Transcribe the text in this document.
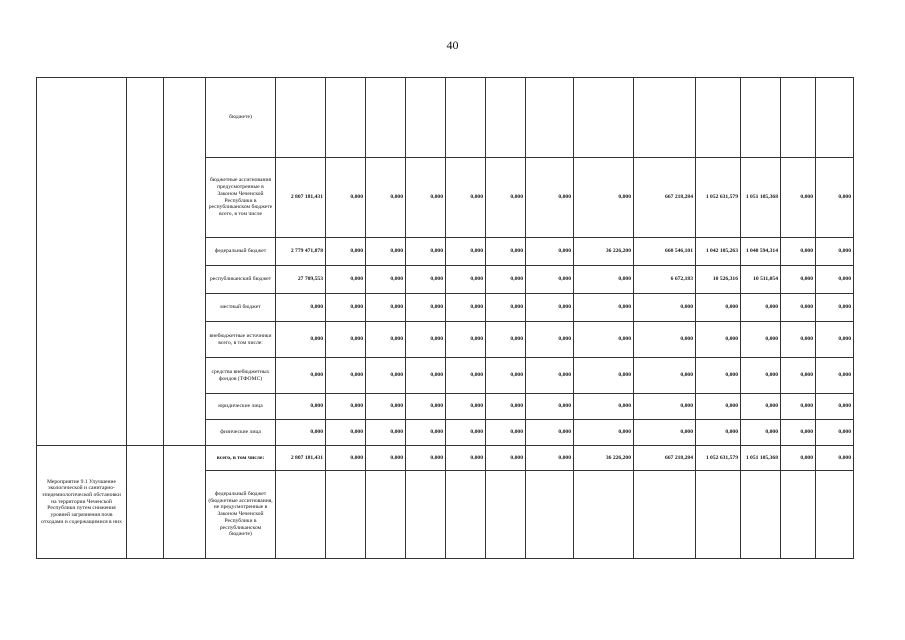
40
			бюджете)													
			бюджетные ассигнования предусмотренные в Законом Чеченской Республики в республиканском бюджете всего, в том числе	2 807 181,431	0,000	0,000	0,000	0,000	0,000	0,000	0,000	667 218,284	1 052 631,579	1 051 105,368	0,000	0,000
			федеральный бюджет	2 779 471,878	0,000	0,000	0,000	0,000	0,000	0,000	36 226,200	660 546,101	1 042 105,263	1 040 594,314	0,000	0,000
			республиканский бюджет	27 709,553	0,000	0,000	0,000	0,000	0,000	0,000	0,000	6 672,183	10 526,316	10 511,054	0,000	0,000
			местный бюджет	0,000	0,000	0,000	0,000	0,000	0,000	0,000	0,000	0,000	0,000	0,000	0,000	0,000
			внебюджетные источники всего, в том числе:	0,000	0,000	0,000	0,000	0,000	0,000	0,000	0,000	0,000	0,000	0,000	0,000	0,000
			средства внебюджетных фондов (ТФОМС)	0,000	0,000	0,000	0,000	0,000	0,000	0,000	0,000	0,000	0,000	0,000	0,000	0,000
			юридические лица	0,000	0,000	0,000	0,000	0,000	0,000	0,000	0,000	0,000	0,000	0,000	0,000	0,000
			физические лица	0,000	0,000	0,000	0,000	0,000	0,000	0,000	0,000	0,000	0,000	0,000	0,000	0,000
Мероприятие 9.1 Улучшение экологической и санитарно-эпидемиологической обстановки на территории Чеченской Республики путем снижения уровней загрязнения почв отходами и содержащимися в них			всего, в том числе:	2 807 181,431	0,000	0,000	0,000	0,000	0,000	0,000	36 226,200	667 218,284	1 052 631,579	1 051 105,368	0,000	0,000
			федеральный бюджет (бюджетные ассигнования, не предусмотренные в Законом Чеченской Республики в республиканском бюджете)													
